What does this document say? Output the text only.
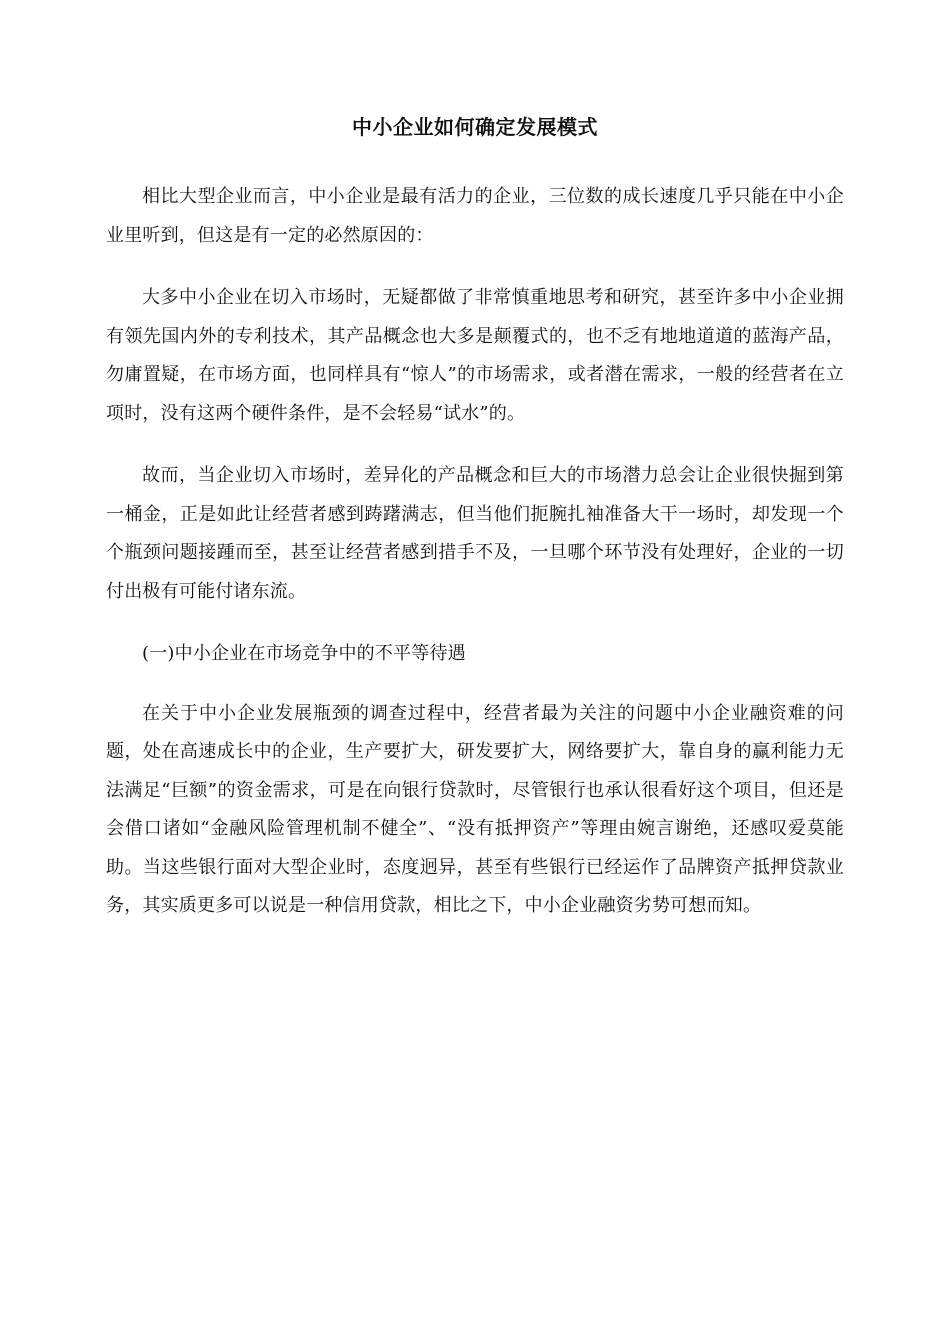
中小企业如何确定发展模式

相比大型企业而言，中小企业是最有活力的企业，三位数的成长速度几乎只能在中小企业里听到，但这是有一定的必然原因的：

大多中小企业在切入市场时，无疑都做了非常慎重地思考和研究，甚至许多中小企业拥有领先国内外的专利技术，其产品概念也大多是颠覆式的，也不乏有地地道道的蓝海产品，勿庸置疑，在市场方面，也同样具有“惊人”的市场需求，或者潜在需求，一般的经营者在立项时，没有这两个硬件条件，是不会轻易“试水”的。

故而，当企业切入市场时，差异化的产品概念和巨大的市场潜力总会让企业很快掘到第一桶金，正是如此让经营者感到踌躇满志，但当他们扼腕扎袖准备大干一场时，却发现一个个瓶颈问题接踵而至，甚至让经营者感到措手不及，一旦哪个环节没有处理好，企业的一切付出极有可能付诸东流。

(一)中小企业在市场竞争中的不平等待遇

在关于中小企业发展瓶颈的调查过程中，经营者最为关注的问题中小企业融资难的问题，处在高速成长中的企业，生产要扩大，研发要扩大，网络要扩大，靠自身的赢利能力无法满足“巨额”的资金需求，可是在向银行贷款时，尽管银行也承认很看好这个项目，但还是会借口诸如“金融风险管理机制不健全”、“没有抵押资产”等理由婉言谢绝，还感叹爱莫能助。当这些银行面对大型企业时，态度迥异，甚至有些银行已经运作了品牌资产抵押贷款业务，其实质更多可以说是一种信用贷款，相比之下，中小企业融资劣势可想而知。
